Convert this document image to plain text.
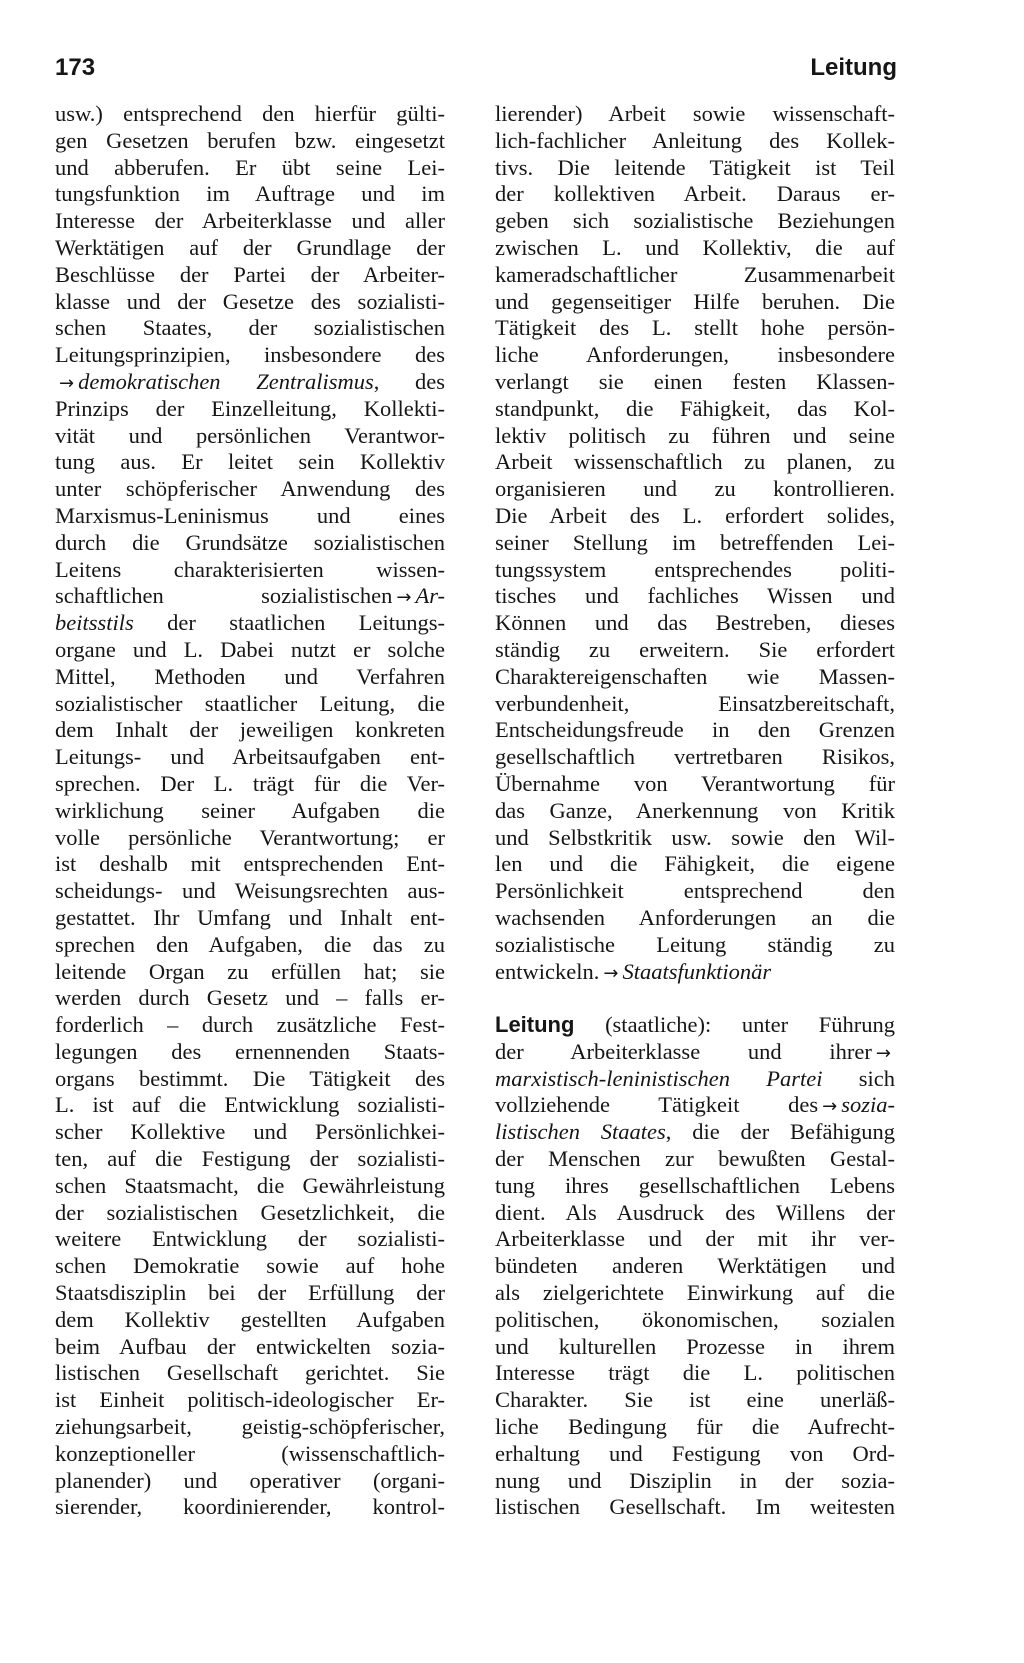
173	Leitung
usw.) entsprechend den hierfür gülti-
gen Gesetzen berufen bzw. eingesetzt
und abberufen. Er übt seine Lei-
tungsfunktion im Auftrage und im
Interesse der Arbeiterklasse und aller
Werktätigen auf der Grundlage der
Beschlüsse der Partei der Arbeiter-
klasse und der Gesetze des sozialisti-
schen Staates, der sozialistischen
Leitungsprinzipien, insbesondere des
→ demokratischen Zentralismus, des
Prinzips der Einzelleitung, Kollekti-
vität und persönlichen Verantwor-
tung aus. Er leitet sein Kollektiv
unter schöpferischer Anwendung des
Marxismus-Leninismus und eines
durch die Grundsätze sozialistischen
Leitens charakterisierten wissen-
schaftlichen sozialistischen → Ar-
beitsstils der staatlichen Leitungs-
organe und L. Dabei nutzt er solche
Mittel, Methoden und Verfahren
sozialistischer staatlicher Leitung, die
dem Inhalt der jeweiligen konkreten
Leitungs- und Arbeitsaufgaben ent-
sprechen. Der L. trägt für die Ver-
wirklichung seiner Aufgaben die
volle persönliche Verantwortung; er
ist deshalb mit entsprechenden Ent-
scheidungs- und Weisungsrechten aus-
gestattet. Ihr Umfang und Inhalt ent-
sprechen den Aufgaben, die das zu
leitende Organ zu erfüllen hat; sie
werden durch Gesetz und – falls er-
forderlich – durch zusätzliche Fest-
legungen des ernennenden Staats-
organs bestimmt. Die Tätigkeit des
L. ist auf die Entwicklung sozialisti-
scher Kollektive und Persönlichkei-
ten, auf die Festigung der sozialisti-
schen Staatsmacht, die Gewährleistung
der sozialistischen Gesetzlichkeit, die
weitere Entwicklung der sozialisti-
schen Demokratie sowie auf hohe
Staatsdisziplin bei der Erfüllung der
dem Kollektiv gestellten Aufgaben
beim Aufbau der entwickelten sozia-
listischen Gesellschaft gerichtet. Sie
ist Einheit politisch-ideologischer Er-
ziehungsarbeit, geistig-schöpferischer,
konzeptioneller (wissenschaftlich-
planender) und operativer (organi-
sierender, koordinierender, kontrol-
lierender) Arbeit sowie wissenschaft-
lich-fachlicher Anleitung des Kollek-
tivs. Die leitende Tätigkeit ist Teil
der kollektiven Arbeit. Daraus er-
geben sich sozialistische Beziehungen
zwischen L. und Kollektiv, die auf
kameradschaftlicher Zusammenarbeit
und gegenseitiger Hilfe beruhen. Die
Tätigkeit des L. stellt hohe persön-
liche Anforderungen, insbesondere
verlangt sie einen festen Klassen-
standpunkt, die Fähigkeit, das Kol-
lektiv politisch zu führen und seine
Arbeit wissenschaftlich zu planen, zu
organisieren und zu kontrollieren.
Die Arbeit des L. erfordert solides,
seiner Stellung im betreffenden Lei-
tungssystem entsprechendes politi-
tisches und fachliches Wissen und
Können und das Bestreben, dieses
ständig zu erweitern. Sie erfordert
Charaktereigenschaften wie Massen-
verbundenheit, Einsatzbereitschaft,
Entscheidungsfreude in den Grenzen
gesellschaftlich vertretbaren Risikos,
Übernahme von Verantwortung für
das Ganze, Anerkennung von Kritik
und Selbstkritik usw. sowie den Wil-
len und die Fähigkeit, die eigene
Persönlichkeit entsprechend den
wachsenden Anforderungen an die
sozialistische Leitung ständig zu
entwickeln. → Staatsfunktionär
Leitung (staatliche): unter Führung
der Arbeiterklasse und ihrer →
marxistisch-leninistischen Partei sich
vollziehende Tätigkeit des → sozia-
listischen Staates, die der Befähigung
der Menschen zur bewußten Gestal-
tung ihres gesellschaftlichen Lebens
dient. Als Ausdruck des Willens der
Arbeiterklasse und der mit ihr ver-
bündeten anderen Werktätigen und
als zielgerichtete Einwirkung auf die
politischen, ökonomischen, sozialen
und kulturellen Prozesse in ihrem
Interesse trägt die L. politischen
Charakter. Sie ist eine unerläß-
liche Bedingung für die Aufrecht-
erhaltung und Festigung von Ord-
nung und Disziplin in der sozia-
listischen Gesellschaft. Im weitesten
